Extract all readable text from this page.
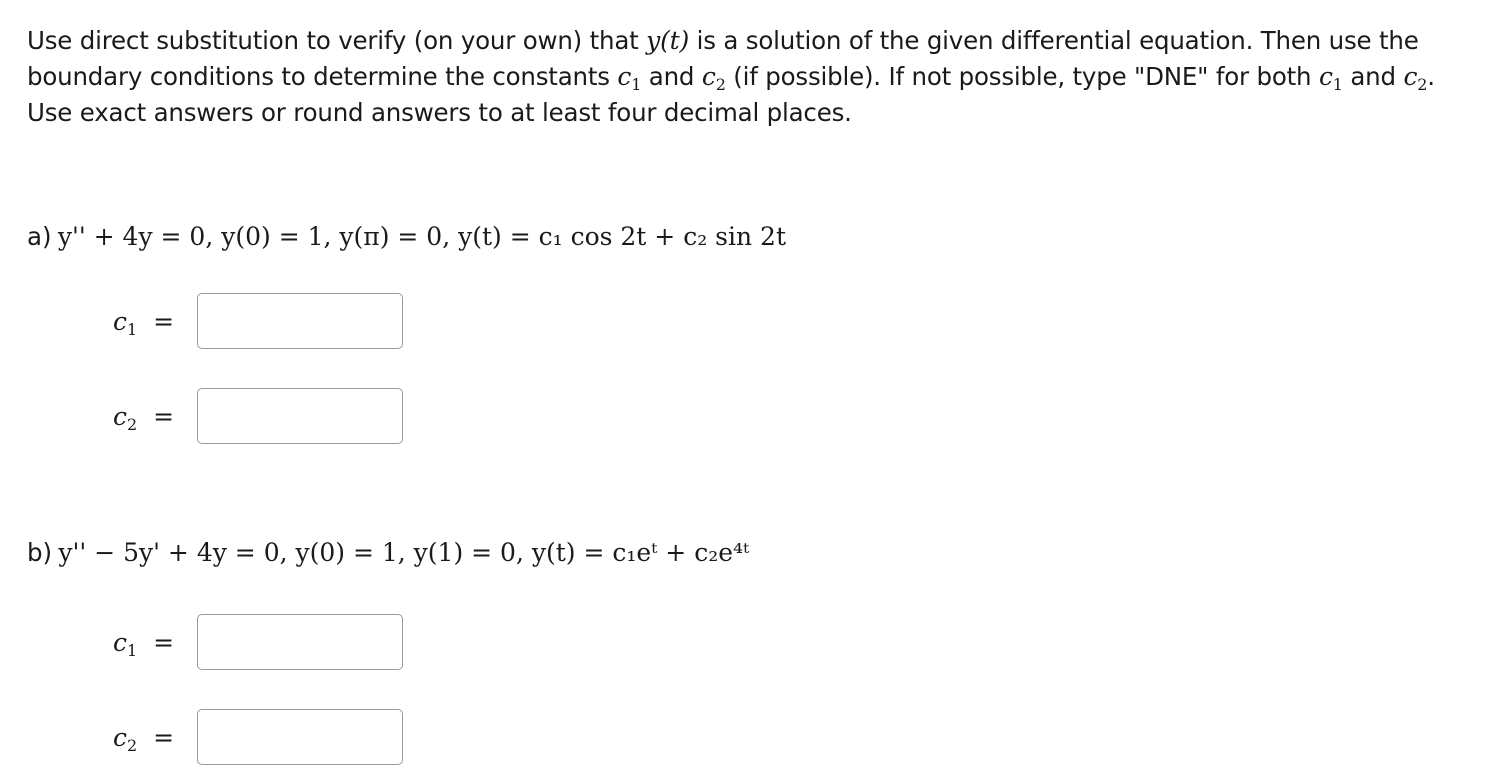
Use direct substitution to verify (on your own) that y(t) is a solution of the given differential equation. Then use the boundary conditions to determine the constants $c_1$ and $c_2$ (if possible). If not possible, type "DNE" for both $c_1$ and $c_2$. Use exact answers or round answers to at least four decimal places.
a) y'' + 4y = 0, y(0) = 1, y(π) = 0, y(t) = c₁ cos 2t + c₂ sin 2t
$c_1$ =
$c_2$ =
b) y'' − 5y' + 4y = 0, y(0) = 1, y(1) = 0, y(t) = c₁eᵗ + c₂e⁴ᵗ
$c_1$ =
$c_2$ =
